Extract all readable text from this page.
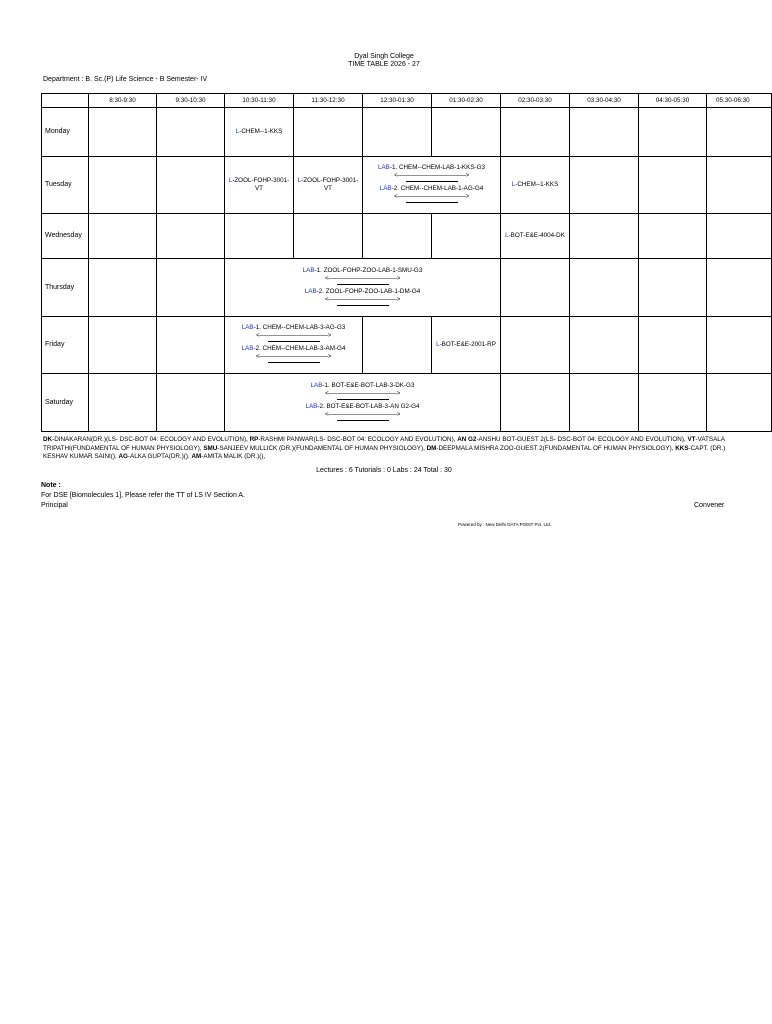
Dyal Singh College
TIME TABLE 2026 - 27
Department : B. Sc.(P) Life Science - B Semester- IV
	8:30-9:30	9:30-10:30	10:30-11:30	11:30-12:30	12:30-01:30	01:30-02:30	02:30-03:30	03:30-04:30	04:30-05:30	05:30-06:30
Monday			L-CHEM--1-KKS							
Tuesday			L-ZOOL-FOHP-3001-VT	L-ZOOL-FOHP-3001-VT	LAB-1. CHEM--CHEM-LAB-1-KKS-G3
<————————————>
LAB-2. CHEM--CHEM-LAB-1-AG-G4
<————————————>		L-CHEM--1-KKS			
Wednesday							L-BOT-E&E-4004-DK			
Thursday			LAB-1. ZOOL-FOHP-ZOO-LAB-1-SMU-G3
<————————————>
LAB-2. ZOOL-FOHP-ZOO-LAB-1-DM-G4
<————————————>							

Friday			LAB-1. CHEM--CHEM-LAB-3-AG-G3
<————————————>
LAB-2. CHEM--CHEM-LAB-3-AM-G4
<————————————>			L-BOT-E&E-2001-RP				
Saturday			LAB-1. BOT-E&E-BOT-LAB-3-DK-G3
<————————————>
LAB-2. BOT-E&E-BOT-LAB-3-AN G2-G4
<————————————>							

DK-DINAKARAN(DR.)(LS- DSC-BOT 04: ECOLOGY AND EVOLUTION), RP-RASHMI PANWAR(LS- DSC-BOT 04: ECOLOGY AND EVOLUTION), AN G2-ANSHU BOT-GUEST 2(LS- DSC-BOT 04: ECOLOGY AND EVOLUTION), VT-VATSALA TRIPATHI(FUNDAMENTAL OF HUMAN PHYSIOLOGY), SMU-SANJEEV MULLICK (DR.)(FUNDAMENTAL OF HUMAN PHYSIOLOGY), DM-DEEPMALA MISHRA ZOO-GUEST 2(FUNDAMENTAL OF HUMAN PHYSIOLOGY), KKS-CAPT. (DR.) KESHAV KUMAR SAINI(), AG-ALKA GUPTA(DR.)(), AM-AMITA MALIK (DR.)(),
Lectures : 6 Tutorials : 0 Labs : 24 Total : 30
Note :
For DSE [Biomolecules 1], Please refer the TT of LS IV Section A.
Principal	Convener
Powered by : New Delhi DATA POINT Pvt. Ltd.
